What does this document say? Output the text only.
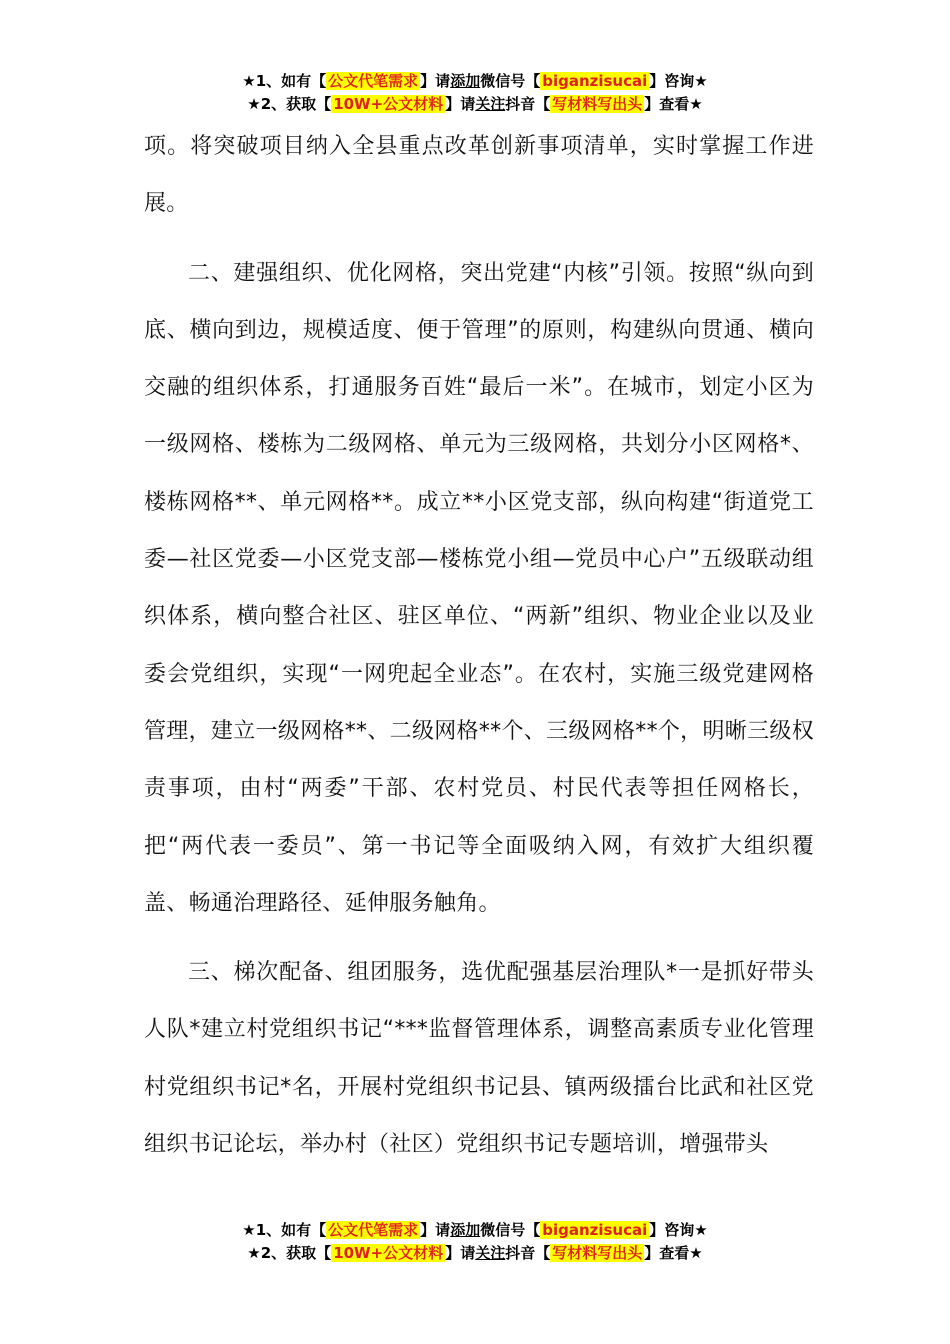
★1、如有【 公文代笔需求 】请添加微信号【 biganzisucai 】咨询★
★2、获取【 10W+公文材料 】请关注抖音【 写材料写出头 】查看★

项。将突破项目纳入全县重点改革创新事项清单，实时掌握工作进展。

二、建强组织、优化网格，突出党建“内核”引领。按照“纵向到底、横向到边，规模适度、便于管理”的原则，构建纵向贯通、横向交融的组织体系，打通服务百姓“最后一米”。在城市，划定小区为一级网格、楼栋为二级网格、单元为三级网格，共划分小区网格*、楼栋网格**、单元网格**。成立**小区党支部，纵向构建“街道党工委—社区党委—小区党支部—楼栋党小组—党员中心户”五级联动组织体系，横向整合社区、驻区单位、“两新”组织、物业企业以及业委会党组织，实现“一网兜起全业态”。在农村，实施三级党建网格管理，建立一级网格**、二级网格**个、三级网格**个，明晰三级权责事项，由村“两委”干部、农村党员、村民代表等担任网格长，把“两代表一委员”、第一书记等全面吸纳入网，有效扩大组织覆盖、畅通治理路径、延伸服务触角。

三、梯次配备、组团服务，选优配强基层治理队*一是抓好带头人队*建立村党组织书记“***监督管理体系，调整高素质专业化管理村党组织书记*名，开展村党组织书记县、镇两级擂台比武和社区党组织书记论坛，举办村（社区）党组织书记专题培训，增强带头

★1、如有【 公文代笔需求 】请添加微信号【 biganzisucai 】咨询★
★2、获取【 10W+公文材料 】请关注抖音【 写材料写出头 】查看★
